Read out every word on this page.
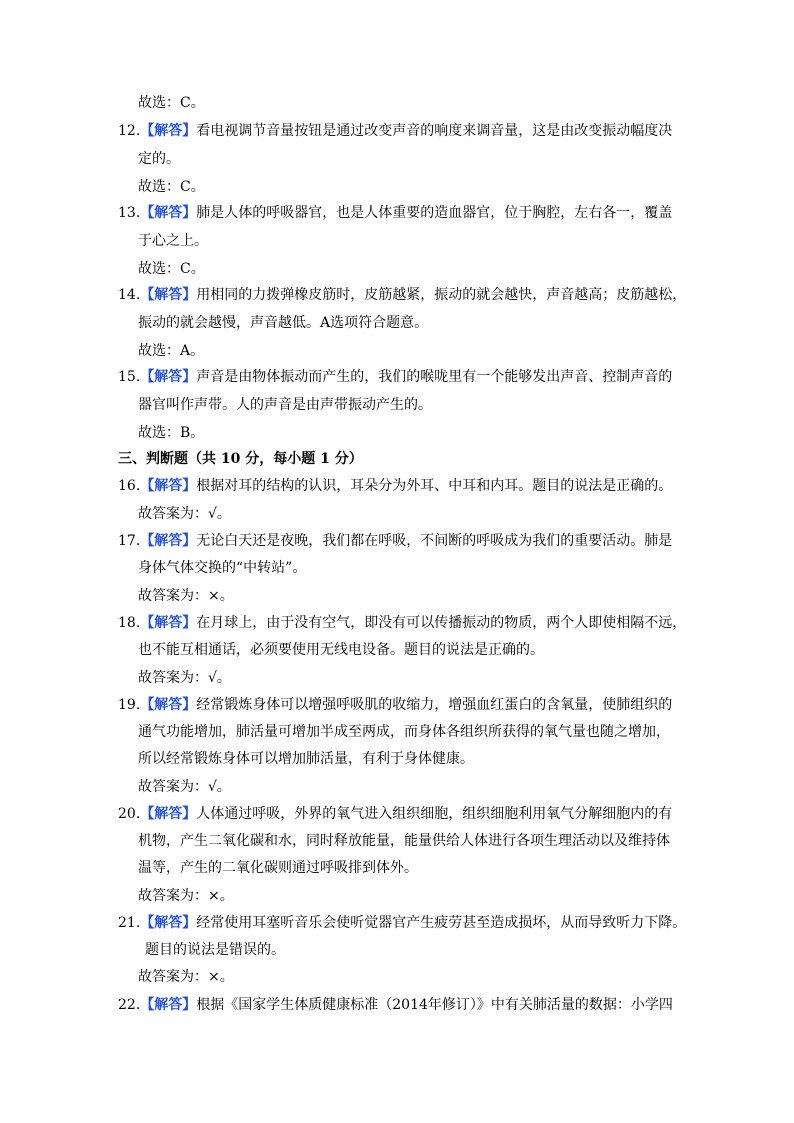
故选：C。
12.【解答】看电视调节音量按钮是通过改变声音的响度来调音量，这是由改变振动幅度决
定的。
故选：C。
13.【解答】肺是人体的呼吸器官，也是人体重要的造血器官，位于胸腔，左右各一，覆盖
于心之上。
故选：C。
14.【解答】用相同的力拨弹橡皮筋时，皮筋越紧，振动的就会越快，声音越高；皮筋越松，
振动的就会越慢，声音越低。A选项符合题意。
故选：A。
15.【解答】声音是由物体振动而产生的，我们的喉咙里有一个能够发出声音、控制声音的
器官叫作声带。人的声音是由声带振动产生的。
故选：B。
三、判断题（共 10 分，每小题 1 分）
16.【解答】根据对耳的结构的认识，耳朵分为外耳、中耳和内耳。题目的说法是正确的。
故答案为：√。
17.【解答】无论白天还是夜晚，我们都在呼吸，不间断的呼吸成为我们的重要活动。肺是
身体气体交换的“中转站”。
故答案为：×。
18.【解答】在月球上，由于没有空气，即没有可以传播振动的物质，两个人即使相隔不远，
也不能互相通话，必须要使用无线电设备。题目的说法是正确的。
故答案为：√。
19.【解答】经常锻炼身体可以增强呼吸肌的收缩力，增强血红蛋白的含氧量，使肺组织的
通气功能增加，肺活量可增加半成至两成，而身体各组织所获得的氧气量也随之增加，
所以经常锻炼身体可以增加肺活量，有利于身体健康。
故答案为：√。
20.【解答】人体通过呼吸，外界的氧气进入组织细胞，组织细胞利用氧气分解细胞内的有
机物，产生二氧化碳和水，同时释放能量，能量供给人体进行各项生理活动以及维持体
温等，产生的二氧化碳则通过呼吸排到体外。
故答案为：×。
21.【解答】经常使用耳塞听音乐会使听觉器官产生疲劳甚至造成损坏，从而导致听力下降。
题目的说法是错误的。
故答案为：×。
22.【解答】根据《国家学生体质健康标准（2014年修订）》中有关肺活量的数据：小学四
